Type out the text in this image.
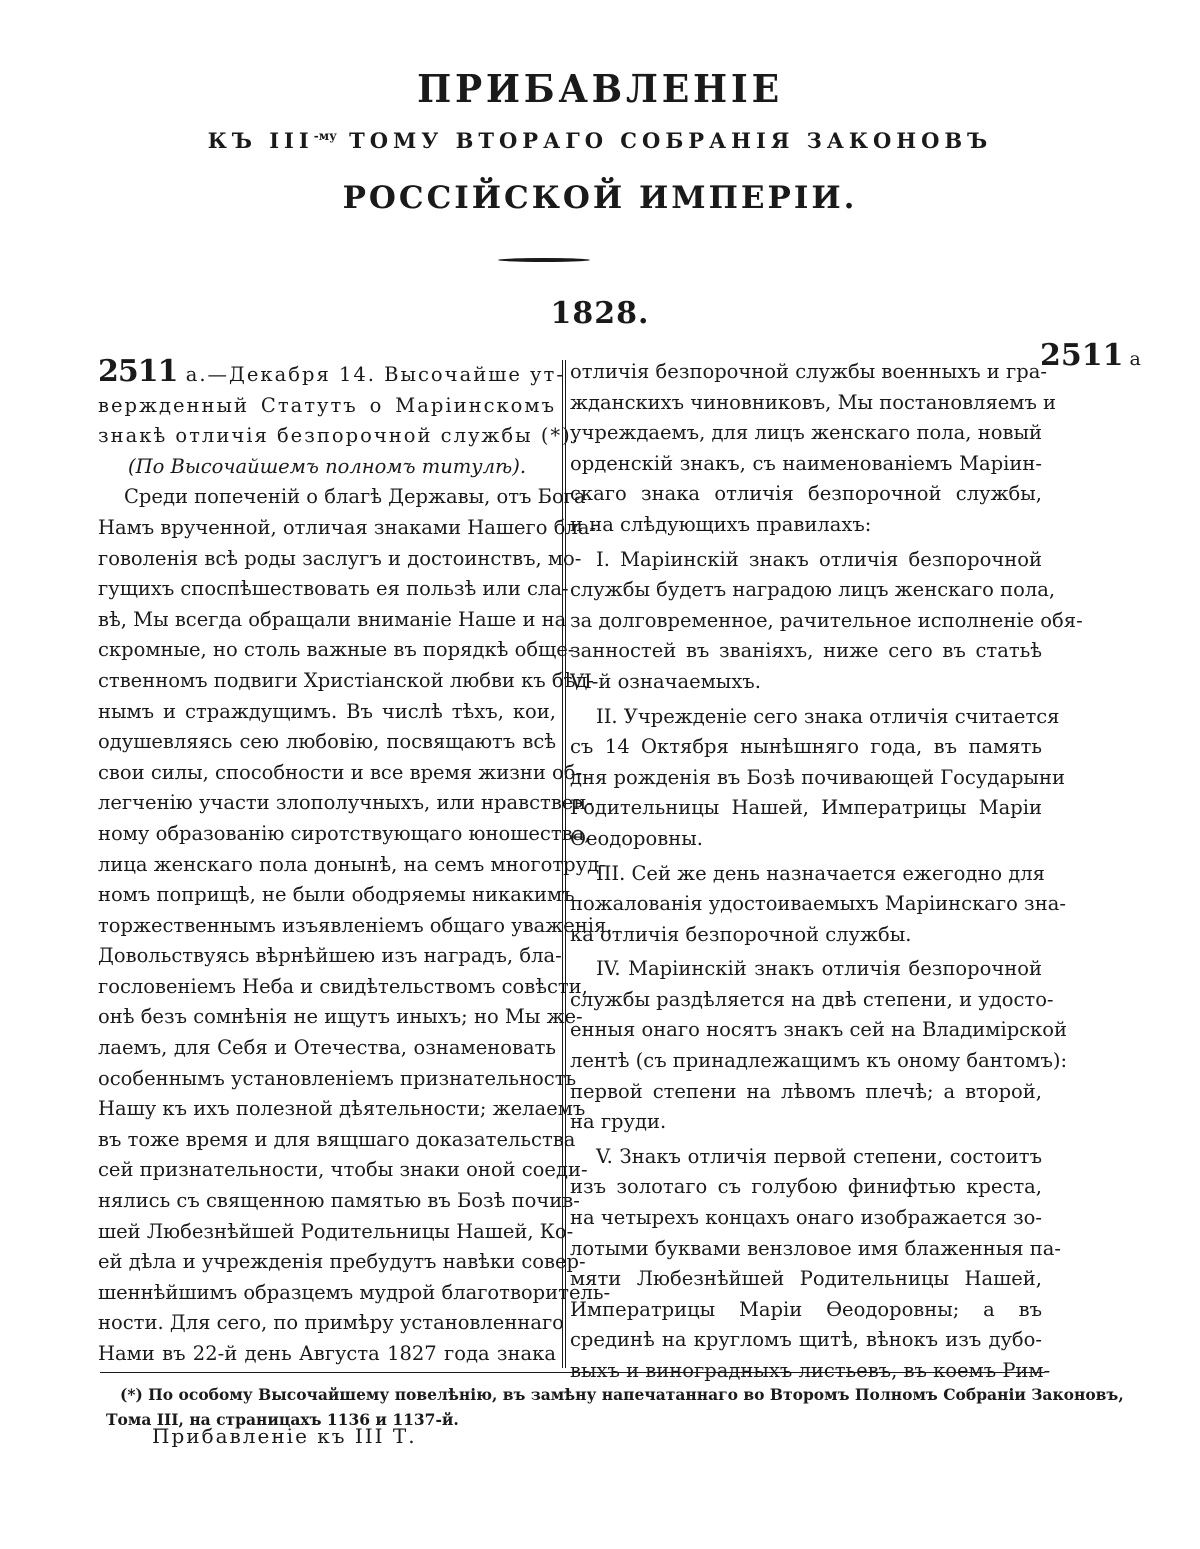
ПРИБАВЛЕНІЕ
КЪ $III^{-му}$ ТОМУ ВТОРАГО СОБРАНІЯ ЗАКОНОВЪ
РОССІЙСКОЙ ИМПЕРІИ.
1828.
2511 а.—Декабря 14. Высочайше ут-
вержденный Статутъ о Маріинскомъ
знакѣ отличія безпорочной службы (*).
(По Высочайшемъ полномъ титулѣ).
Среди попеченій о благѣ Державы, отъ Бога
Намъ врученной, отличая знаками Нашего бла-
говоленія всѣ роды заслугъ и достоинствъ, мо-
гущихъ споспѣшествовать ея пользѣ или сла-
вѣ, Мы всегда обращали вниманіе Наше и на
скромные, но столь важные въ порядкѣ обще-
ственномъ подвиги Христіанской любви къ бѣд-
нымъ и страждущимъ. Въ числѣ тѣхъ, кои,
одушевляясь сею любовію, посвящаютъ всѣ
свои силы, способности и все время жизни об-
легченію участи злополучныхъ, или нравствен-
ному образованію сиротствующаго юношества,
лица женскаго пола донынѣ, на семъ многотруд-
номъ поприщѣ, не были ободряемы никакимъ
торжественнымъ изъявленіемъ общаго уваженія.
Довольствуясь вѣрнѣйшею изъ наградъ, бла-
гословеніемъ Неба и свидѣтельствомъ совѣсти,
онѣ безъ сомнѣнія не ищутъ иныхъ; но Мы же-
лаемъ, для Себя и Отечества, ознаменовать
особеннымъ установленіемъ признательность
Нашу къ ихъ полезной дѣятельности; желаемъ
въ тоже время и для вящшаго доказательства
сей признательности, чтобы знаки оной соеди-
нялись съ священною памятью въ Бозѣ почив-
шей Любезнѣйшей Родительницы Нашей, Ко-
ей дѣла и учрежденія пребудутъ навѣки совер-
шеннѣйшимъ образцемъ мудрой благотворитель-
ности. Для сего, по примѣру установленнаго
Нами въ 22-й день Августа 1827 года знака
2511 а
отличія безпорочной службы военныхъ и гра-
жданскихъ чиновниковъ, Мы постановляемъ и
учреждаемъ, для лицъ женскаго пола, новый
орденскій знакъ, съ наименованіемъ Маріин-
скаго знака отличія безпорочной службы,
и на слѣдующихъ правилахъ:
I. Маріинскій знакъ отличія безпорочной
службы будетъ наградою лицъ женскаго пола,
за долговременное, рачительное исполненіе обя-
занностей въ званіяхъ, ниже сего въ статьѣ
VI-й означаемыхъ.
II. Учрежденіе сего знака отличія считается
съ 14 Октября нынѣшняго года, въ память
дня рожденія въ Бозѣ почивающей Государыни
Родительницы Нашей, Императрицы Маріи
Ѳеодоровны.
III. Сей же день назначается ежегодно для
пожалованія удостоиваемыхъ Маріинскаго зна-
ка отличія безпорочной службы.
IV. Маріинскій знакъ отличія безпорочной
службы раздѣляется на двѣ степени, и удосто-
енныя онаго носятъ знакъ сей на Владимірской
лентѣ (съ принадлежащимъ къ оному бантомъ):
первой степени на лѣвомъ плечѣ; а второй,
на груди.
V. Знакъ отличія первой степени, состоитъ
изъ золотаго съ голубою финифтью креста,
на четырехъ концахъ онаго изображается зо-
лотыми буквами вензловое имя блаженныя па-
мяти Любезнѣйшей Родительницы Нашей,
Императрицы Маріи Ѳеодоровны; а въ
срединѣ на кругломъ щитѣ, вѣнокъ изъ дубо-
выхъ и виноградныхъ листьевъ, въ коемъ Рим-
(*) По особому Высочайшему повелѣнію, въ замѣну напечатаннаго во Второмъ Полномъ Собраніи Законовъ,
Тома III, на страницахъ 1136 и 1137-й.
Прибавленіе къ III Т.
